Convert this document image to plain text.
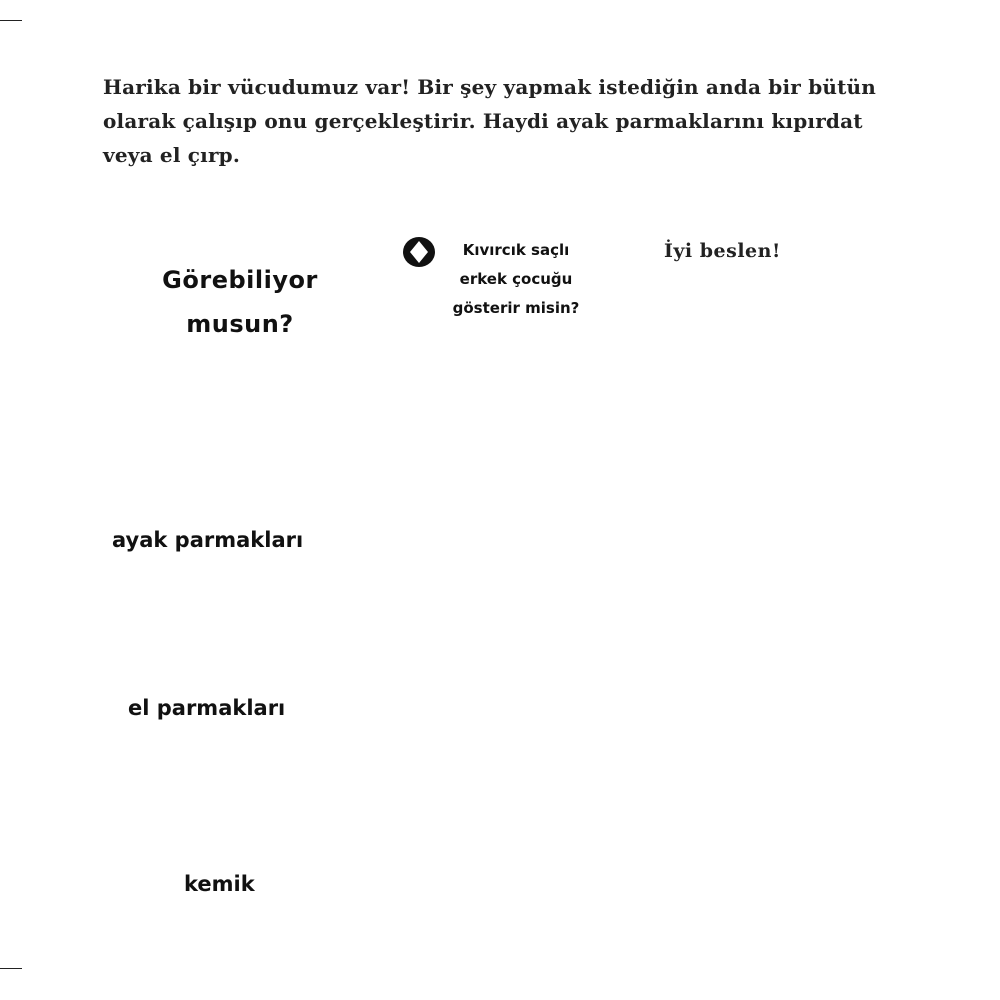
Harika bir vücudumuz var! Bir şey yapmak istediğin anda bir bütün olarak çalışıp onu gerçekleştirir. Haydi ayak parmaklarını kıpırdat veya el çırp.

Görebiliyor
musun?

Kıvırcık saçlı
erkek çocuğu
gösterir misin?

İyi beslen!

ayak parmakları

el parmakları

kemik
